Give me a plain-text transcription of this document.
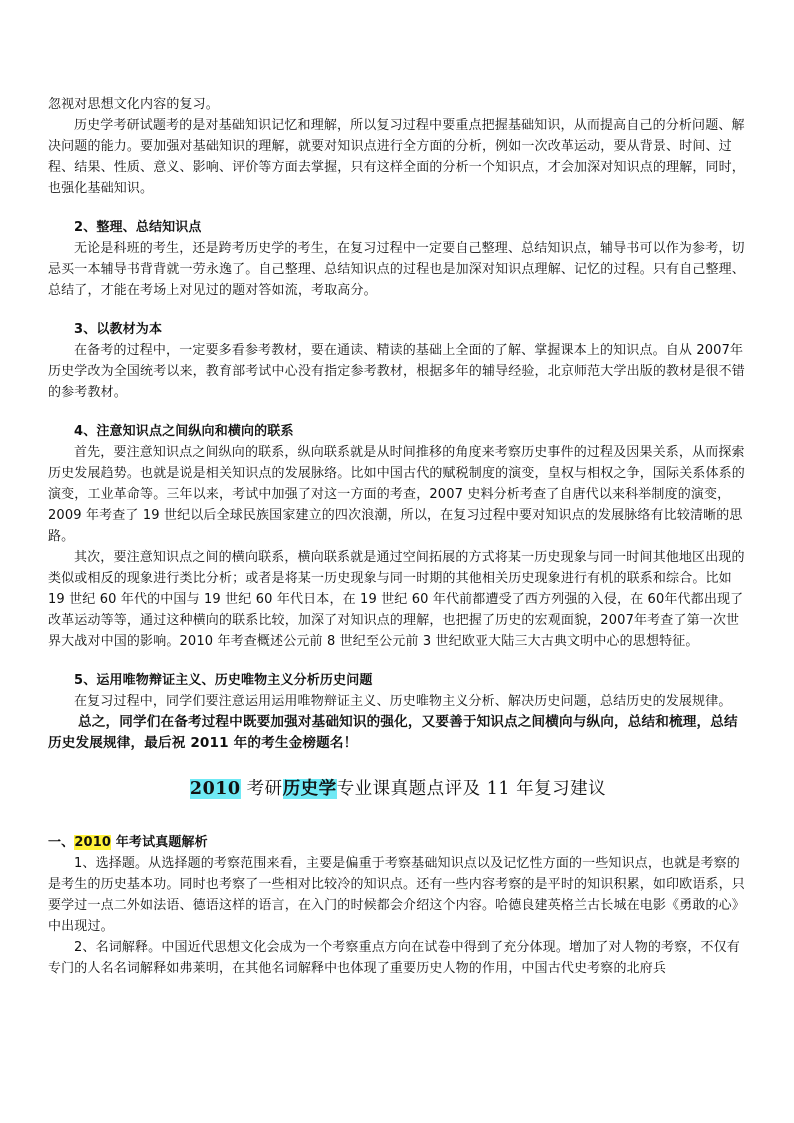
忽视对思想文化内容的复习。

历史学考研试题考的是对基础知识记忆和理解，所以复习过程中要重点把握基础知识，从而提高自己的分析问题、解决问题的能力。要加强对基础知识的理解，就要对知识点进行全方面的分析，例如一次改革运动，要从背景、时间、过程、结果、性质、意义、影响、评价等方面去掌握，只有这样全面的分析一个知识点，才会加深对知识点的理解，同时，也强化基础知识。

2、整理、总结知识点

无论是科班的考生，还是跨考历史学的考生，在复习过程中一定要自己整理、总结知识点，辅导书可以作为参考，切忌买一本辅导书背背就一劳永逸了。自己整理、总结知识点的过程也是加深对知识点理解、记忆的过程。只有自己整理、总结了，才能在考场上对见过的题对答如流，考取高分。

3、以教材为本

在备考的过程中，一定要多看参考教材，要在通读、精读的基础上全面的了解、掌握课本上的知识点。自从 2007年历史学改为全国统考以来，教育部考试中心没有指定参考教材，根据多年的辅导经验，北京师范大学出版的教材是很不错的参考教材。

4、注意知识点之间纵向和横向的联系

首先，要注意知识点之间纵向的联系，纵向联系就是从时间推移的角度来考察历史事件的过程及因果关系，从而探索历史发展趋势。也就是说是相关知识点的发展脉络。比如中国古代的赋税制度的演变，皇权与相权之争，国际关系体系的演变，工业革命等。三年以来，考试中加强了对这一方面的考查，2007 史料分析考查了自唐代以来科举制度的演变，2009 年考查了 19 世纪以后全球民族国家建立的四次浪潮，所以，在复习过程中要对知识点的发展脉络有比较清晰的思路。

其次，要注意知识点之间的横向联系，横向联系就是通过空间拓展的方式将某一历史现象与同一时间其他地区出现的类似或相反的现象进行类比分析；或者是将某一历史现象与同一时期的其他相关历史现象进行有机的联系和综合。比如 19 世纪 60 年代的中国与 19 世纪 60 年代日本，在 19 世纪 60 年代前都遭受了西方列强的入侵，在 60年代都出现了改革运动等等，通过这种横向的联系比较，加深了对知识点的理解，也把握了历史的宏观面貌，2007年考查了第一次世界大战对中国的影响。2010 年考查概述公元前 8 世纪至公元前 3 世纪欧亚大陆三大古典文明中心的思想特征。

5、运用唯物辩证主义、历史唯物主义分析历史问题

在复习过程中，同学们要注意运用运用唯物辩证主义、历史唯物主义分析、解决历史问题，总结历史的发展规律。

总之，同学们在备考过程中既要加强对基础知识的强化，又要善于知识点之间横向与纵向，总结和梳理，总结历史发展规律，最后祝 2011 年的考生金榜题名！

2010 考研历史学专业课真题点评及 11 年复习建议

一、2010 年考试真题解析

1、选择题。从选择题的考察范围来看，主要是偏重于考察基础知识点以及记忆性方面的一些知识点，也就是考察的是考生的历史基本功。同时也考察了一些相对比较冷的知识点。还有一些内容考察的是平时的知识积累，如印欧语系，只要学过一点二外如法语、德语这样的语言，在入门的时候都会介绍这个内容。哈德良建英格兰古长城在电影《勇敢的心》中出现过。

2、名词解释。中国近代思想文化会成为一个考察重点方向在试卷中得到了充分体现。增加了对人物的考察，不仅有专门的人名名词解释如弗莱明，在其他名词解释中也体现了重要历史人物的作用，中国古代史考察的北府兵
